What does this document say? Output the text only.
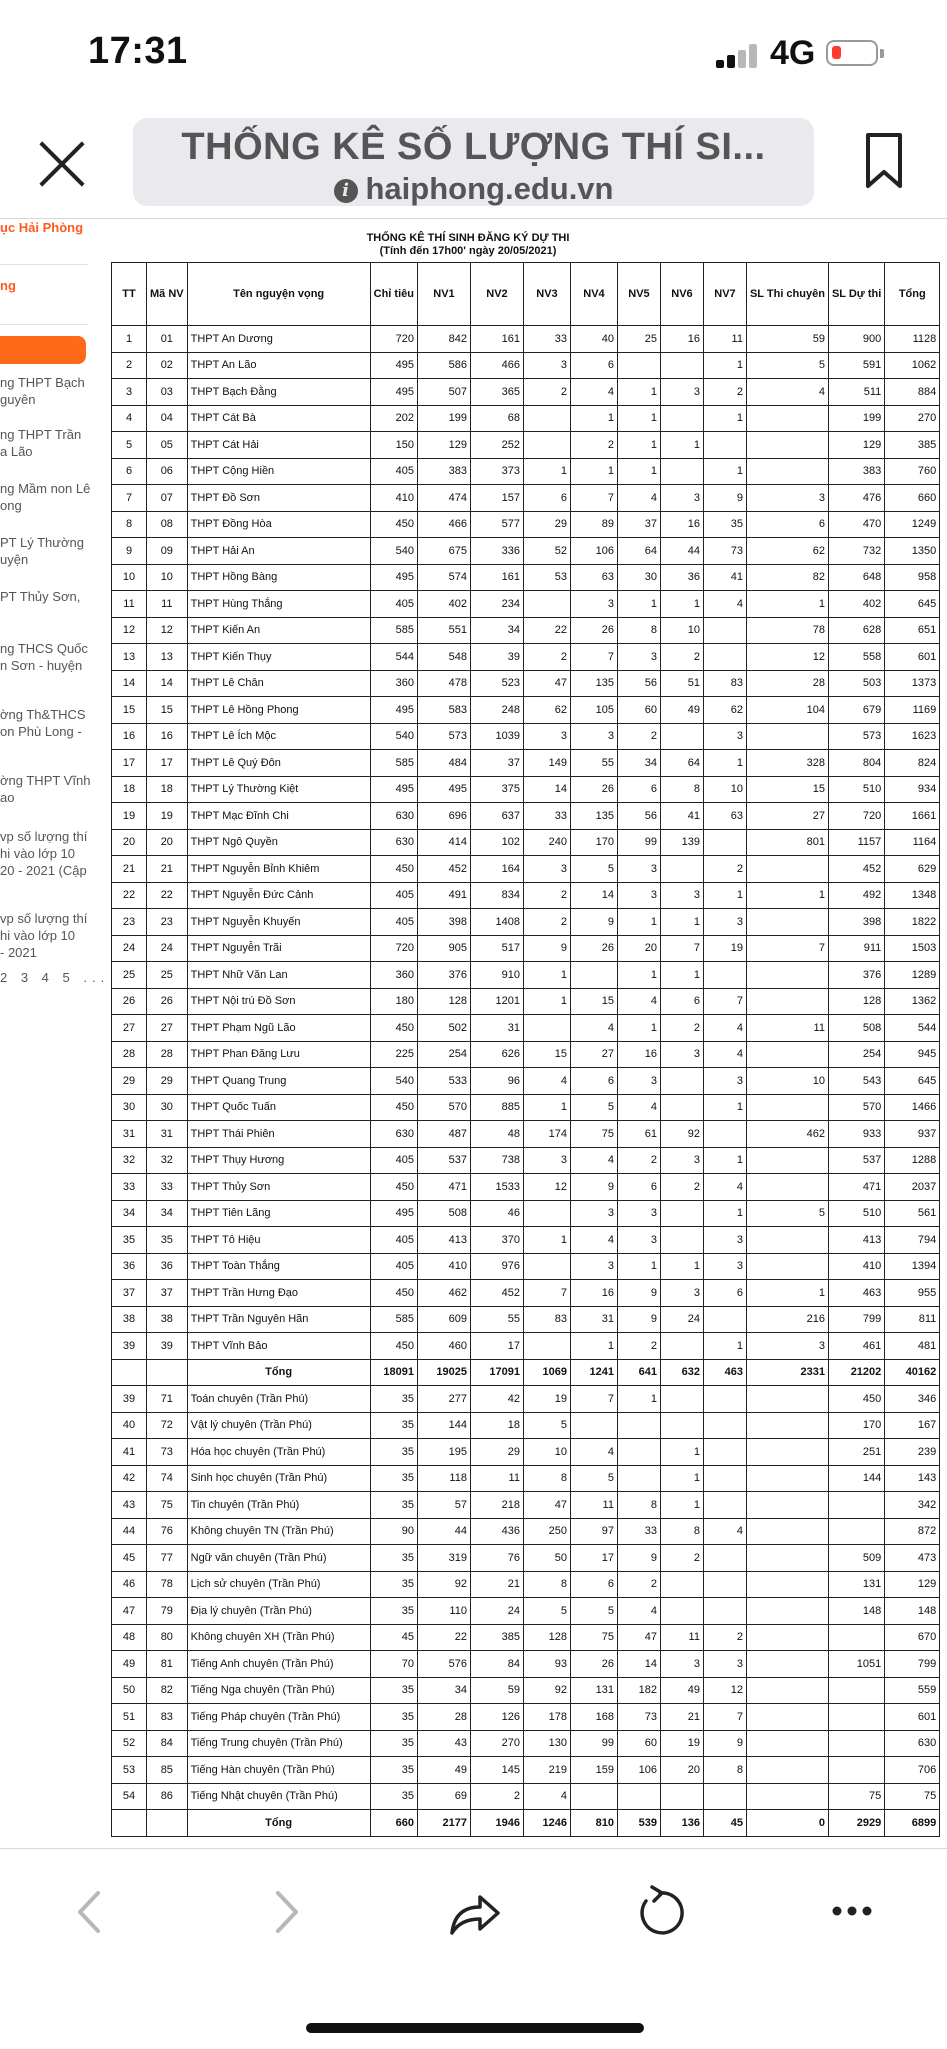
17:31	4G
THỐNG KÊ SỐ LƯỢNG THÍ SI...
i haiphong.edu.vn
ục Hải Phòng
ng
ng THPT Bạch
guyên
ng THPT Trần
a Lão
ng Mầm non Lê
ong
PT Lý Thường
uyện
PT Thủy Sơn,
ng THCS Quốc
n Sơn - huyện
ờng Th&THCS
on Phù Long -
ờng THPT Vĩnh
ao
vp số lượng thí
hi vào lớp 10
20 - 2021 (Cập
vp số lượng thí
hi vào lớp 10
- 2021
2 3 4 5 ...
THỐNG KÊ THÍ SINH ĐĂNG KÝ DỰ THI
(Tính đến 17h00' ngày 20/05/2021)
TT	Mã NV	Tên nguyện vọng	Chỉ tiêu	NV1	NV2	NV3	NV4	NV5	NV6	NV7	SL Thi chuyên	SL Dự thi	Tổng
1	01	THPT An Dương	720	842	161	33	40	25	16	11	59	900	1128
2	02	THPT An Lão	495	586	466	3	6			1	5	591	1062
3	03	THPT Bạch Đằng	495	507	365	2	4	1	3	2	4	511	884
4	04	THPT Cát Bà	202	199	68		1	1		1		199	270
5	05	THPT Cát Hải	150	129	252		2	1	1			129	385
6	06	THPT Cộng Hiền	405	383	373	1	1	1		1		383	760
7	07	THPT Đồ Sơn	410	474	157	6	7	4	3	9	3	476	660
8	08	THPT Đồng Hòa	450	466	577	29	89	37	16	35	6	470	1249
9	09	THPT Hải An	540	675	336	52	106	64	44	73	62	732	1350
10	10	THPT Hồng Bàng	495	574	161	53	63	30	36	41	82	648	958
11	11	THPT Hùng Thắng	405	402	234		3	1	1	4	1	402	645
12	12	THPT Kiến An	585	551	34	22	26	8	10		78	628	651
13	13	THPT Kiến Thụy	544	548	39	2	7	3	2		12	558	601
14	14	THPT Lê Chân	360	478	523	47	135	56	51	83	28	503	1373
15	15	THPT Lê Hồng Phong	495	583	248	62	105	60	49	62	104	679	1169
16	16	THPT Lê Ích Mộc	540	573	1039	3	3	2		3		573	1623
17	17	THPT Lê Quý Đôn	585	484	37	149	55	34	64	1	328	804	824
18	18	THPT Lý Thường Kiệt	495	495	375	14	26	6	8	10	15	510	934
19	19	THPT Mạc Đĩnh Chi	630	696	637	33	135	56	41	63	27	720	1661
20	20	THPT Ngô Quyền	630	414	102	240	170	99	139		801	1157	1164
21	21	THPT Nguyễn Bỉnh Khiêm	450	452	164	3	5	3		2		452	629
22	22	THPT Nguyễn Đức Cảnh	405	491	834	2	14	3	3	1	1	492	1348
23	23	THPT Nguyễn Khuyến	405	398	1408	2	9	1	1	3		398	1822
24	24	THPT Nguyễn Trãi	720	905	517	9	26	20	7	19	7	911	1503
25	25	THPT Nhữ Văn Lan	360	376	910	1		1	1			376	1289
26	26	THPT Nội trú Đồ Sơn	180	128	1201	1	15	4	6	7		128	1362
27	27	THPT Phạm Ngũ Lão	450	502	31		4	1	2	4	11	508	544
28	28	THPT Phan Đăng Lưu	225	254	626	15	27	16	3	4		254	945
29	29	THPT Quang Trung	540	533	96	4	6	3		3	10	543	645
30	30	THPT Quốc Tuấn	450	570	885	1	5	4		1		570	1466
31	31	THPT Thái Phiên	630	487	48	174	75	61	92		462	933	937
32	32	THPT Thụy Hương	405	537	738	3	4	2	3	1		537	1288
33	33	THPT Thủy Sơn	450	471	1533	12	9	6	2	4		471	2037
34	34	THPT Tiên Lãng	495	508	46		3	3		1	5	510	561
35	35	THPT Tô Hiệu	405	413	370	1	4	3		3		413	794
36	36	THPT Toàn Thắng	405	410	976		3	1	1	3		410	1394
37	37	THPT Trần Hưng Đạo	450	462	452	7	16	9	3	6	1	463	955
38	38	THPT Trần Nguyên Hãn	585	609	55	83	31	9	24		216	799	811
39	39	THPT Vĩnh Bảo	450	460	17		1	2		1	3	461	481
		Tổng	18091	19025	17091	1069	1241	641	632	463	2331	21202	40162
39	71	Toán chuyên (Trần Phú)	35	277	42	19	7	1				450	346
40	72	Vật lý chuyên (Trần Phú)	35	144	18	5						170	167
41	73	Hóa học chuyên (Trần Phú)	35	195	29	10	4		1			251	239
42	74	Sinh học chuyên (Trần Phú)	35	118	11	8	5		1			144	143
43	75	Tin chuyên (Trần Phú)	35	57	218	47	11	8	1				342
44	76	Không chuyên TN (Trần Phú)	90	44	436	250	97	33	8	4			872
45	77	Ngữ văn chuyên (Trần Phú)	35	319	76	50	17	9	2			509	473
46	78	Lịch sử chuyên (Trần Phú)	35	92	21	8	6	2				131	129
47	79	Địa lý chuyên (Trần Phú)	35	110	24	5	5	4				148	148
48	80	Không chuyên XH (Trần Phú)	45	22	385	128	75	47	11	2			670
49	81	Tiếng Anh chuyên (Trần Phú)	70	576	84	93	26	14	3	3		1051	799
50	82	Tiếng Nga chuyên (Trần Phú)	35	34	59	92	131	182	49	12			559
51	83	Tiếng Pháp chuyên (Trần Phú)	35	28	126	178	168	73	21	7			601
52	84	Tiếng Trung chuyên (Trần Phú)	35	43	270	130	99	60	19	9			630
53	85	Tiếng Hàn chuyên (Trần Phú)	35	49	145	219	159	106	20	8			706
54	86	Tiếng Nhật chuyên (Trần Phú)	35	69	2	4						75	75
		Tổng	660	2177	1946	1246	810	539	136	45	0	2929	6899
